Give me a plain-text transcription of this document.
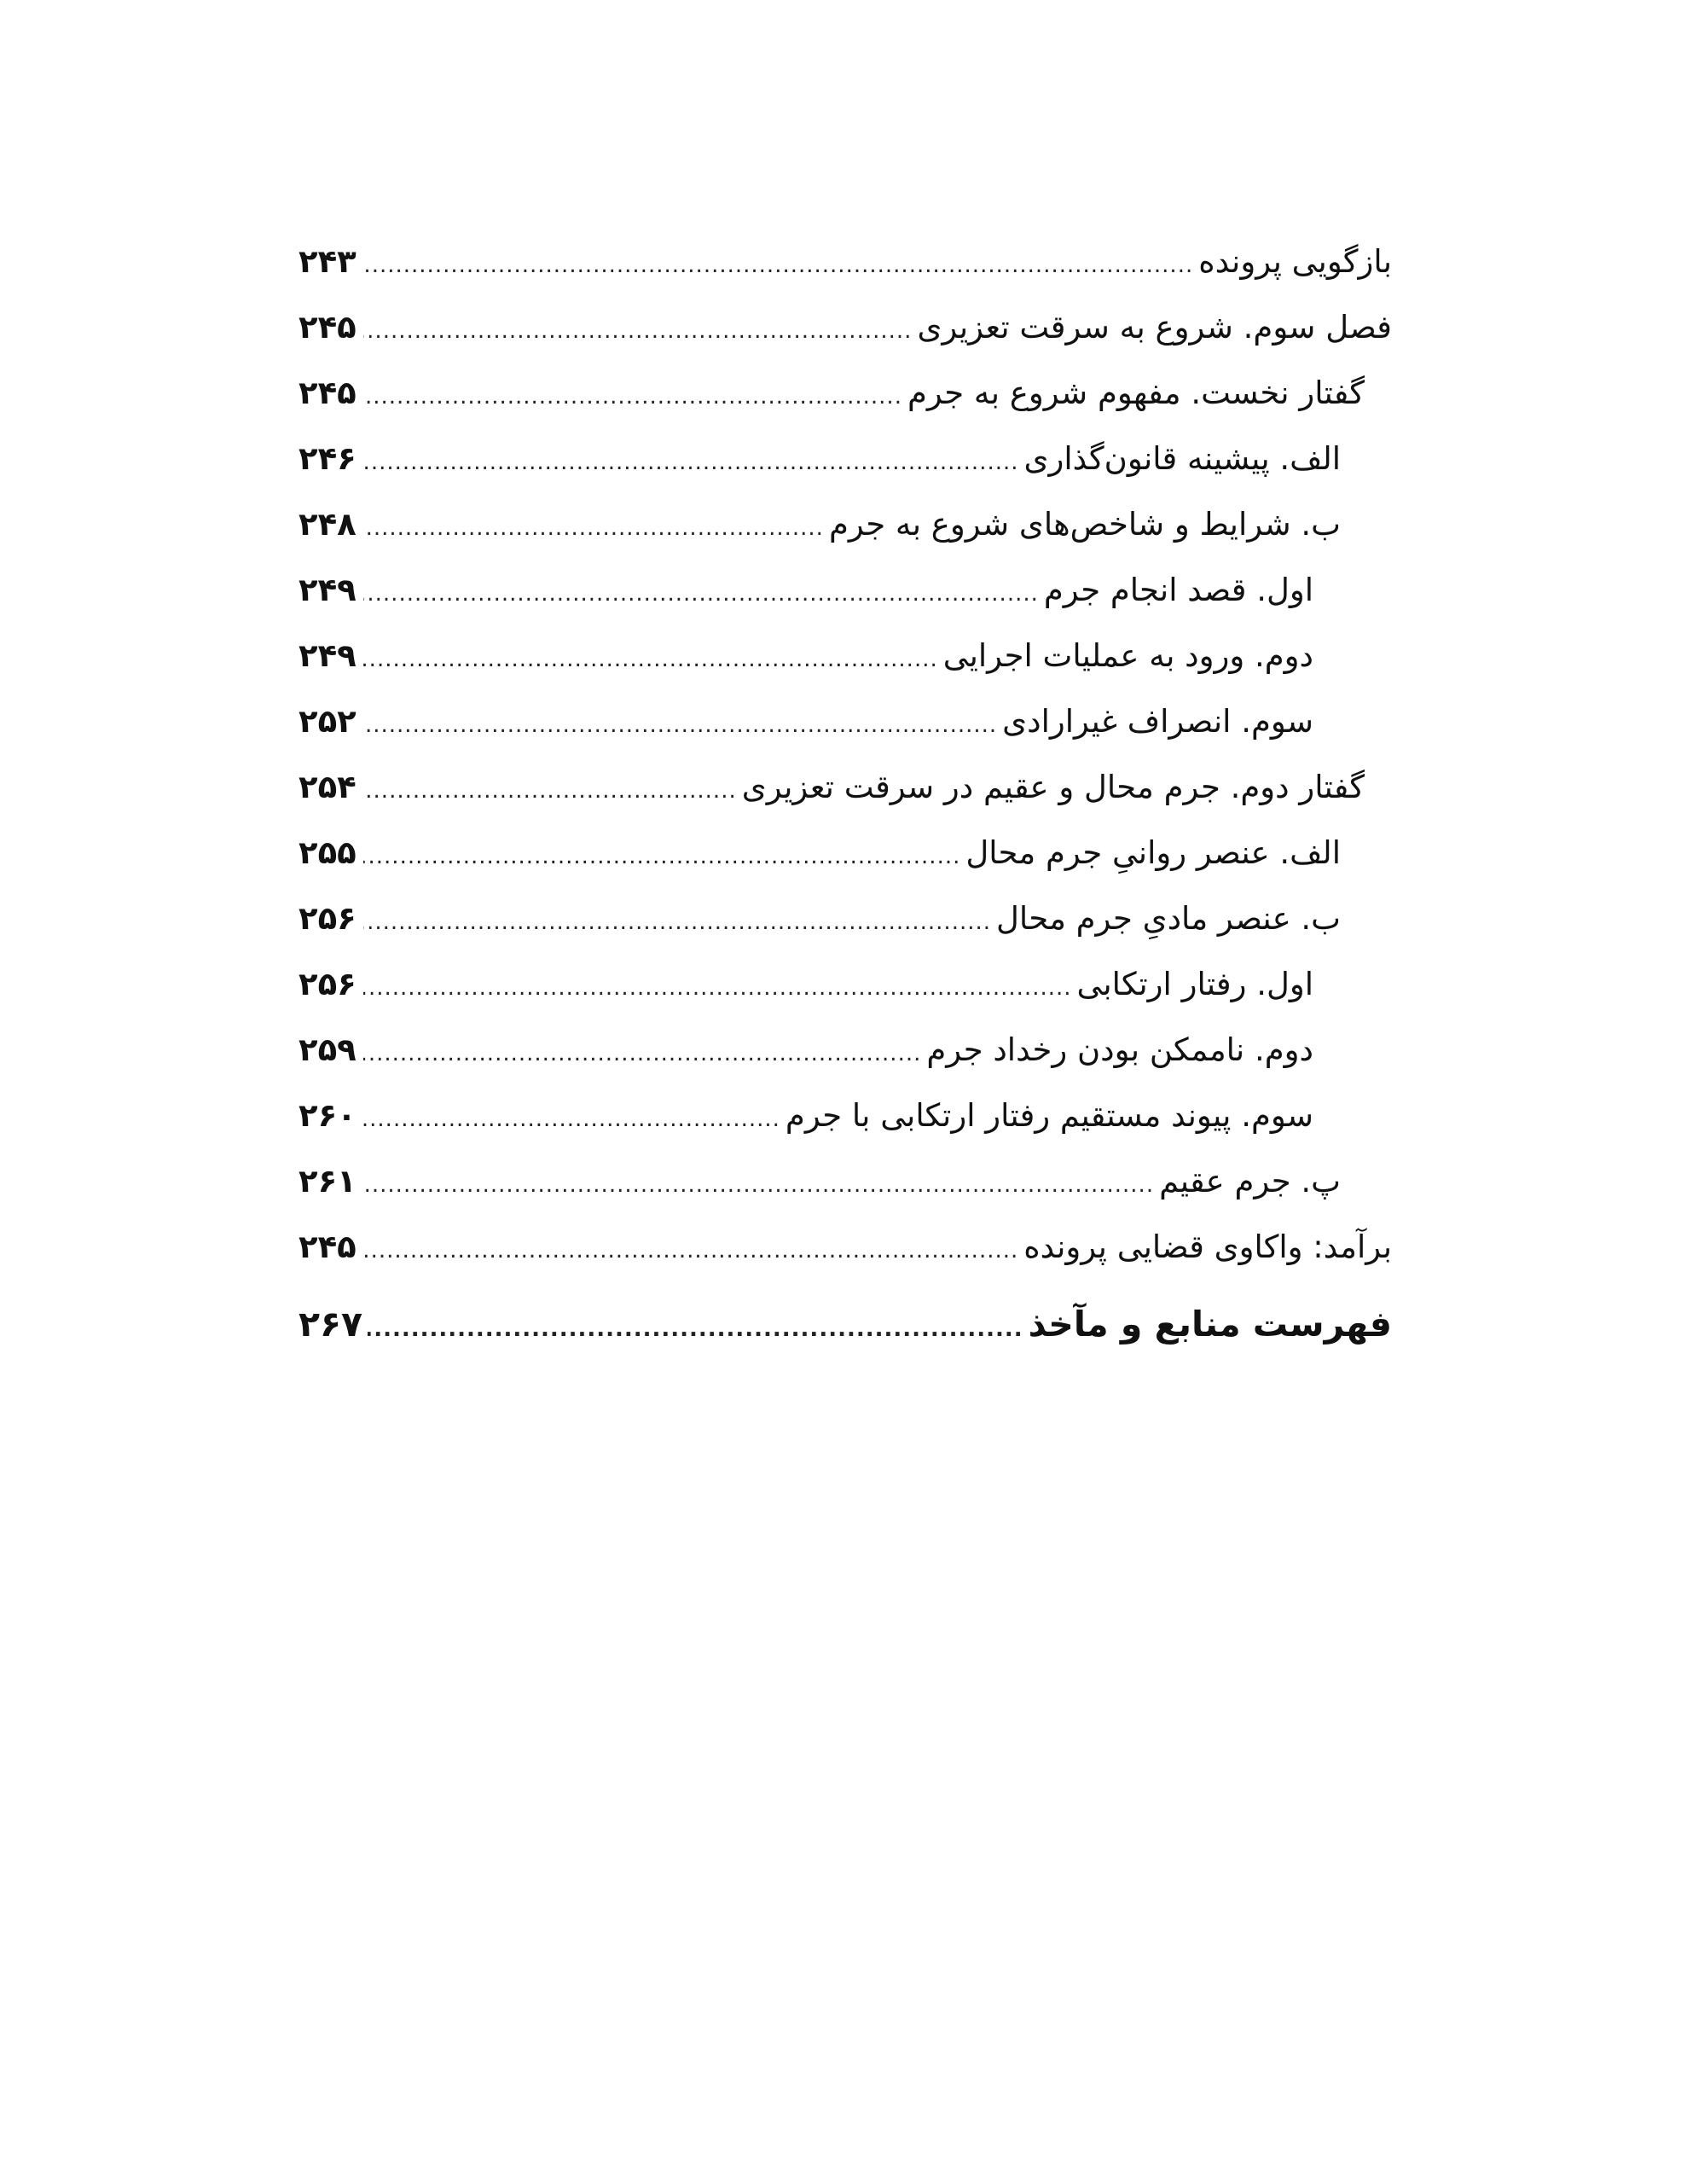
بازگویی پرونده
.....
۲۴۳
فصل سوم. شروع به سرقت تعزیری
.....
۲۴۵
گفتار نخست. مفهوم شروع به جرم
.....
۲۴۵
الف. پیشینه قانون‌گذاری
.....
۲۴۶
ب. شرایط و شاخص‌های شروع به جرم
.....
۲۴۸
اول. قصد انجام جرم
.....
۲۴۹
دوم. ورود به عملیات اجرایی
.....
۲۴۹
سوم. انصراف غیرارادی
.....
۲۵۲
گفتار دوم. جرم محال و عقیم در سرقت تعزیری
.....
۲۵۴
الف. عنصر روانیِ جرم محال
.....
۲۵۵
ب. عنصر مادیِ جرم محال
.....
۲۵۶
اول. رفتار ارتکابی
.....
۲۵۶
دوم. ناممکن بودن رخداد جرم
.....
۲۵۹
سوم. پیوند مستقیم رفتار ارتکابی با جرم
.....
۲۶۰
پ. جرم عقیم
.....
۲۶۱
برآمد: واکاوی قضایی پرونده
.....
۲۴۵
فهرست منابع و مآخذ
.....
۲۶۷
